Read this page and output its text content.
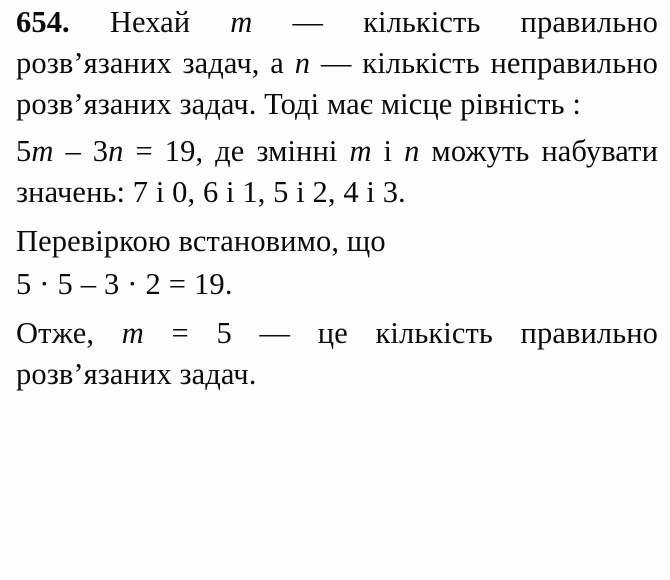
654. Нехай m — кількість правильно розв’язаних задач, а n — кількість неправильно розв’язаних задач. Тоді має місце рівність :

5m – 3n = 19, де змінні m і n можуть набувати значень: 7 і 0, 6 і 1, 5 і 2, 4 і 3.

Перевіркою встановимо, що

5 · 5 – 3 · 2 = 19.

Отже, m = 5 — це кількість правильно розв’язаних задач.
